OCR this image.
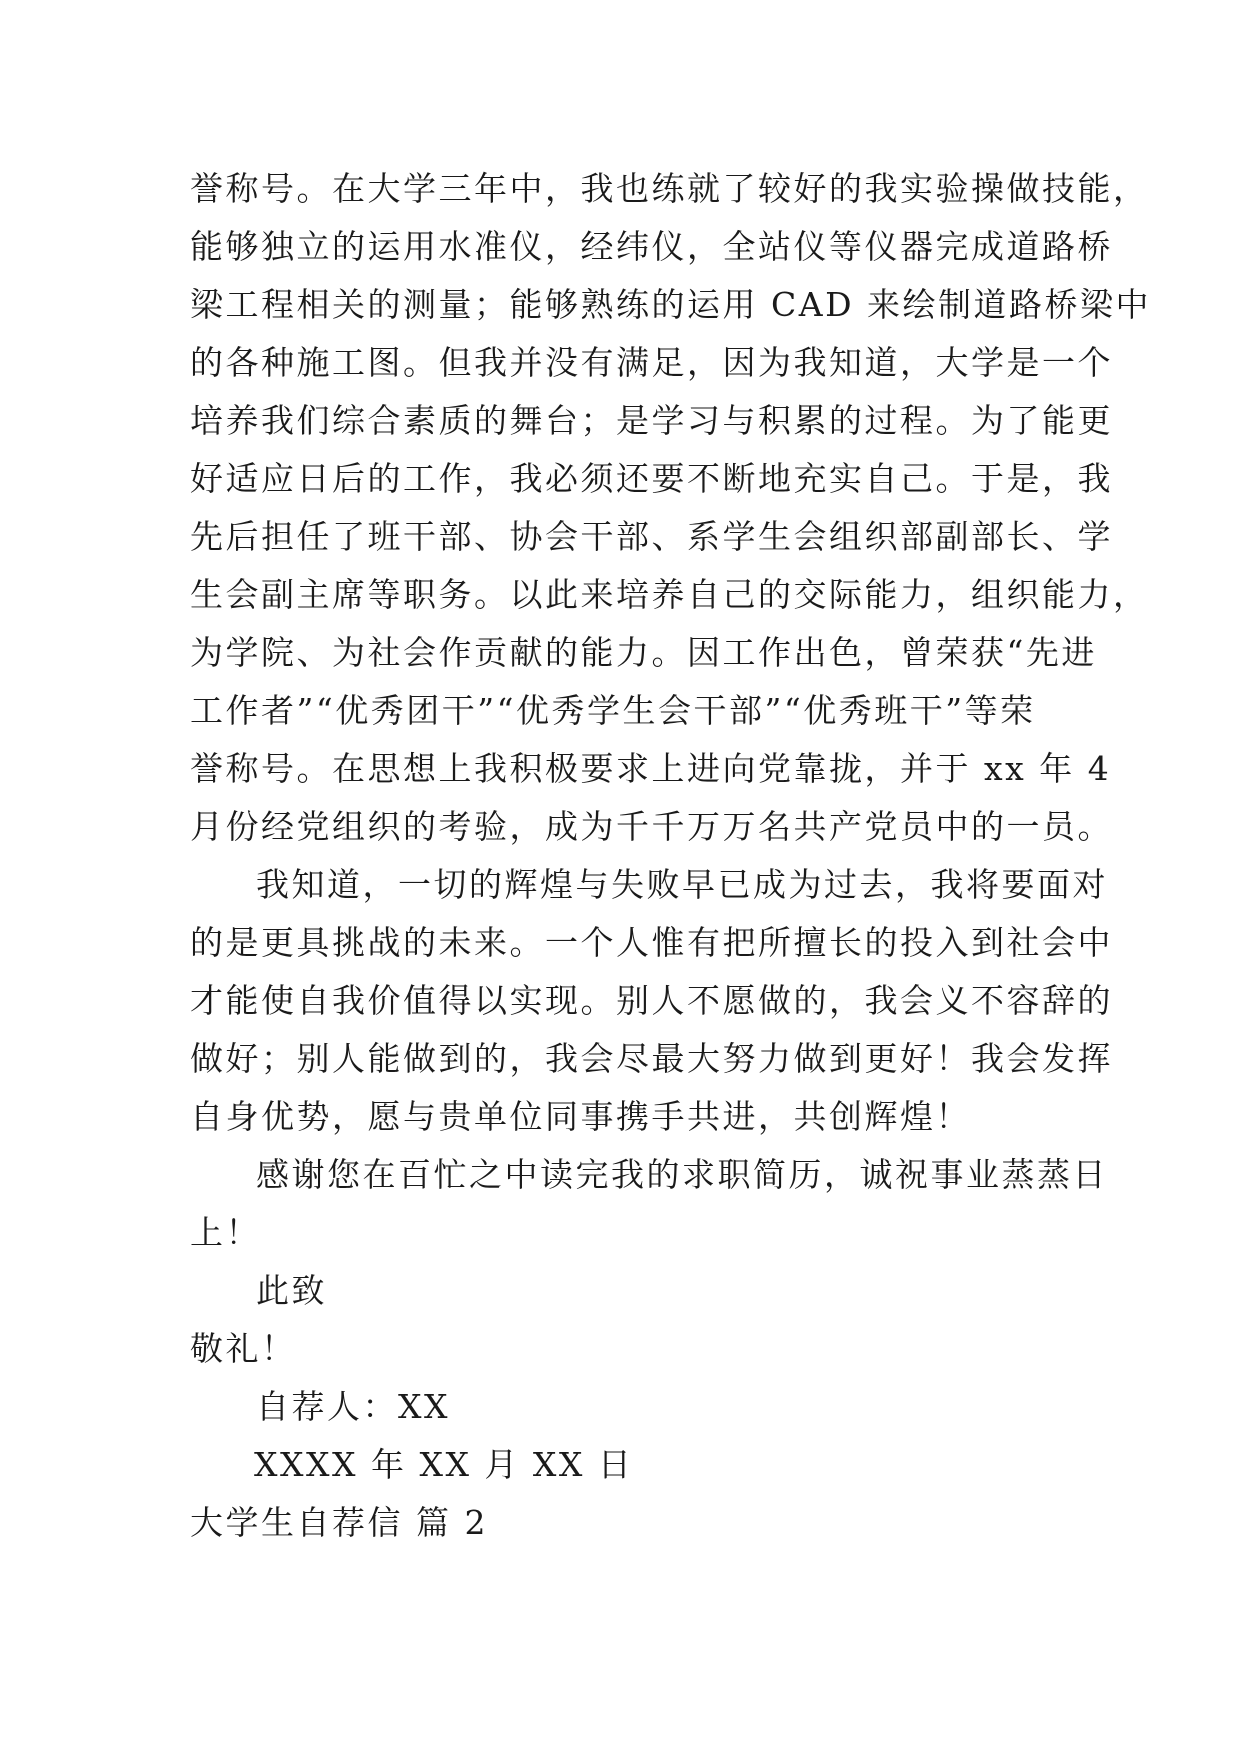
誉称号。在大学三年中，我也练就了较好的我实验操做技能，
能够独立的运用水准仪，经纬仪，全站仪等仪器完成道路桥
梁工程相关的测量；能够熟练的运用 CAD 来绘制道路桥梁中
的各种施工图。但我并没有满足，因为我知道，大学是一个
培养我们综合素质的舞台；是学习与积累的过程。为了能更
好适应日后的工作，我必须还要不断地充实自己。于是，我
先后担任了班干部、协会干部、系学生会组织部副部长、学
生会副主席等职务。以此来培养自己的交际能力，组织能力，
为学院、为社会作贡献的能力。因工作出色，曾荣获“先进
工作者”“优秀团干”“优秀学生会干部”“优秀班干”等荣
誉称号。在思想上我积极要求上进向党靠拢，并于 xx 年 4
月份经党组织的考验，成为千千万万名共产党员中的一员。
我知道，一切的辉煌与失败早已成为过去，我将要面对
的是更具挑战的未来。一个人惟有把所擅长的投入到社会中
才能使自我价值得以实现。别人不愿做的，我会义不容辞的
做好；别人能做到的，我会尽最大努力做到更好！我会发挥
自身优势，愿与贵单位同事携手共进，共创辉煌！
感谢您在百忙之中读完我的求职简历，诚祝事业蒸蒸日
上！
此致
敬礼！
自荐人：XX
XXXX 年 XX 月 XX 日
大学生自荐信 篇 2
